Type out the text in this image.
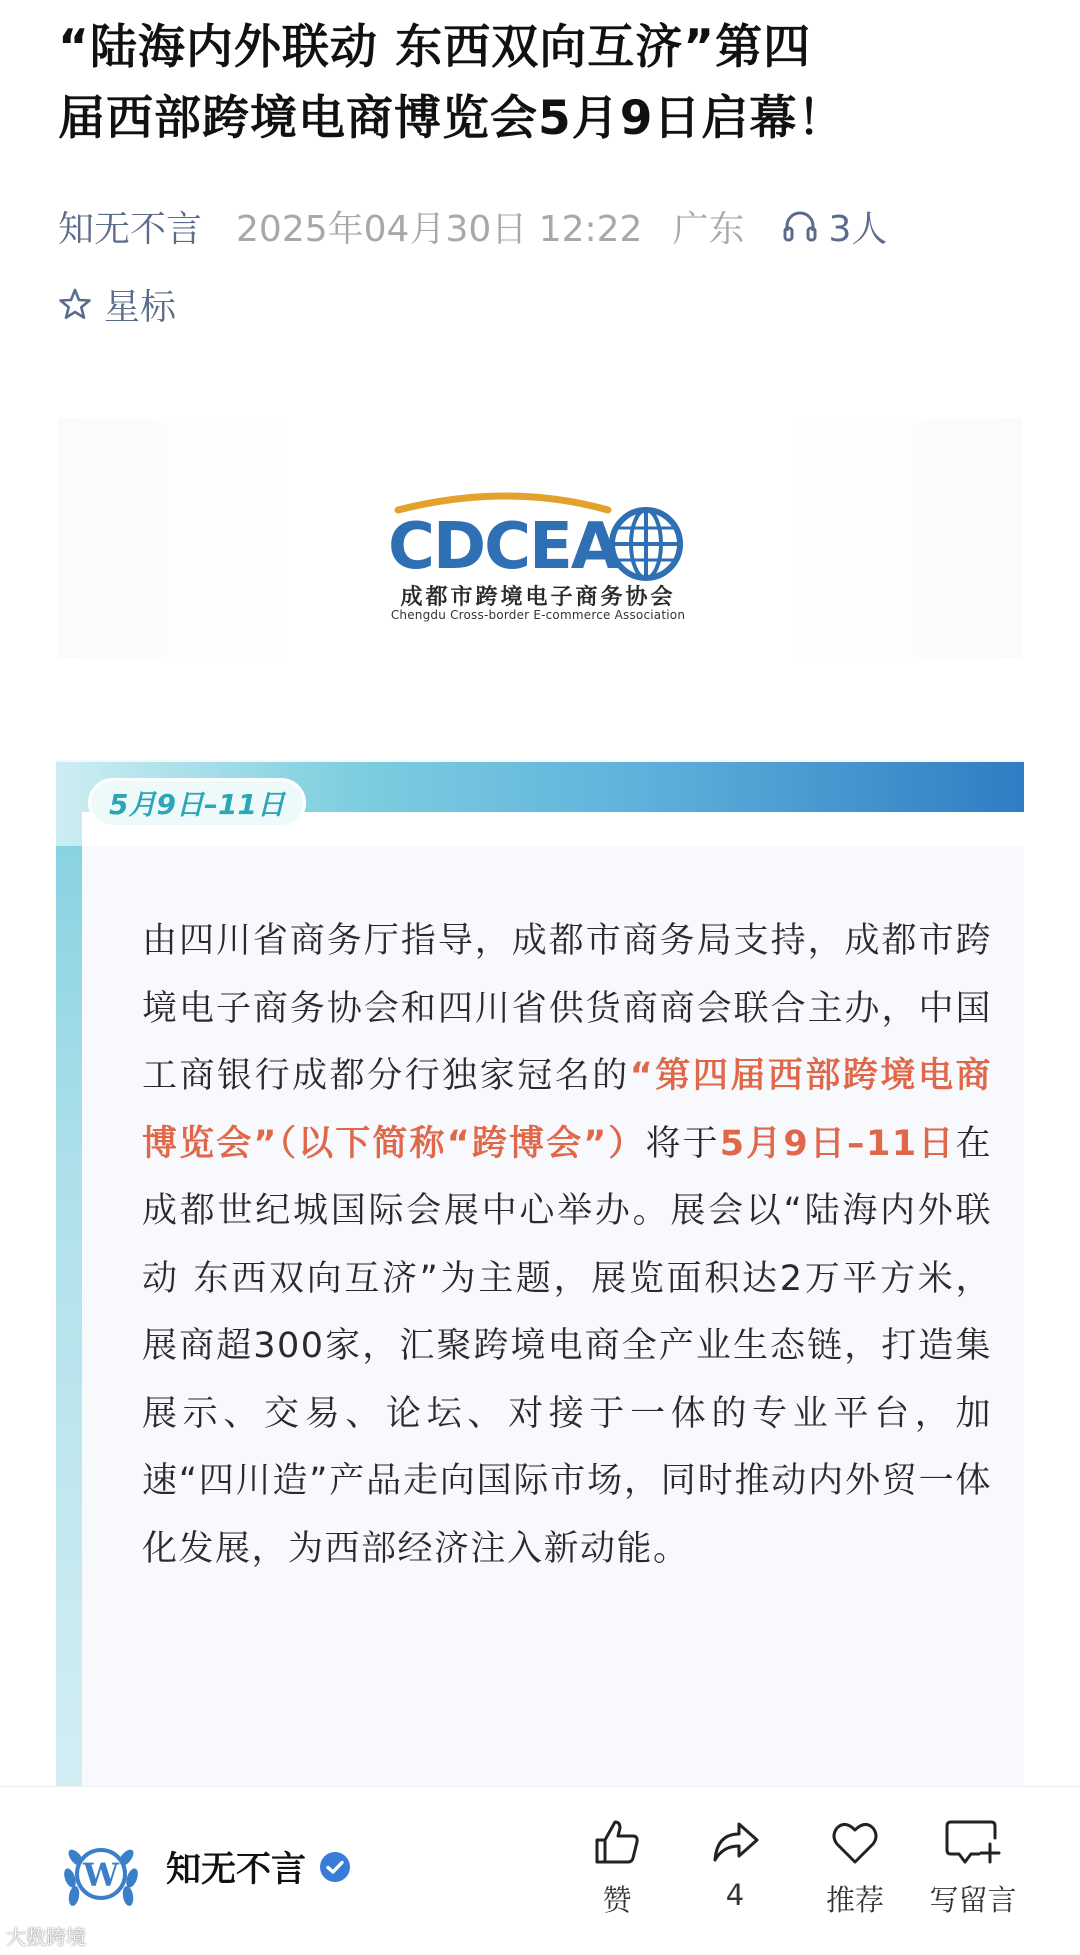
“陆海内外联动 东西双向互济”第四
届西部跨境电商博览会5月9日启幕！
知无不言 2025年04月30日 12:22 广东 3人
星标
CDCEA
成都市跨境电子商务协会
Chengdu Cross-border E-commerce Association
5月9日–11日

由四川省商务厅指导，成都市商务局支持，成都市跨境电子商务协会和四川省供货商商会联合主办，中国工商银行成都分行独家冠名的“第四届西部跨境电商博览会”（以下简称“跨博会”）将于5月9日–11日在成都世纪城国际会展中心举办。展会以“陆海内外联动 东西双向互济”为主题，展览面积达2万平方米，展商超300家，汇聚跨境电商全产业生态链，打造集展示、交易、论坛、对接于一体的专业平台，加速“四川造”产品走向国际市场，同时推动内外贸一体化发展，为西部经济注入新动能。

W 知无不言
赞	4	推荐	写留言
大数跨境
